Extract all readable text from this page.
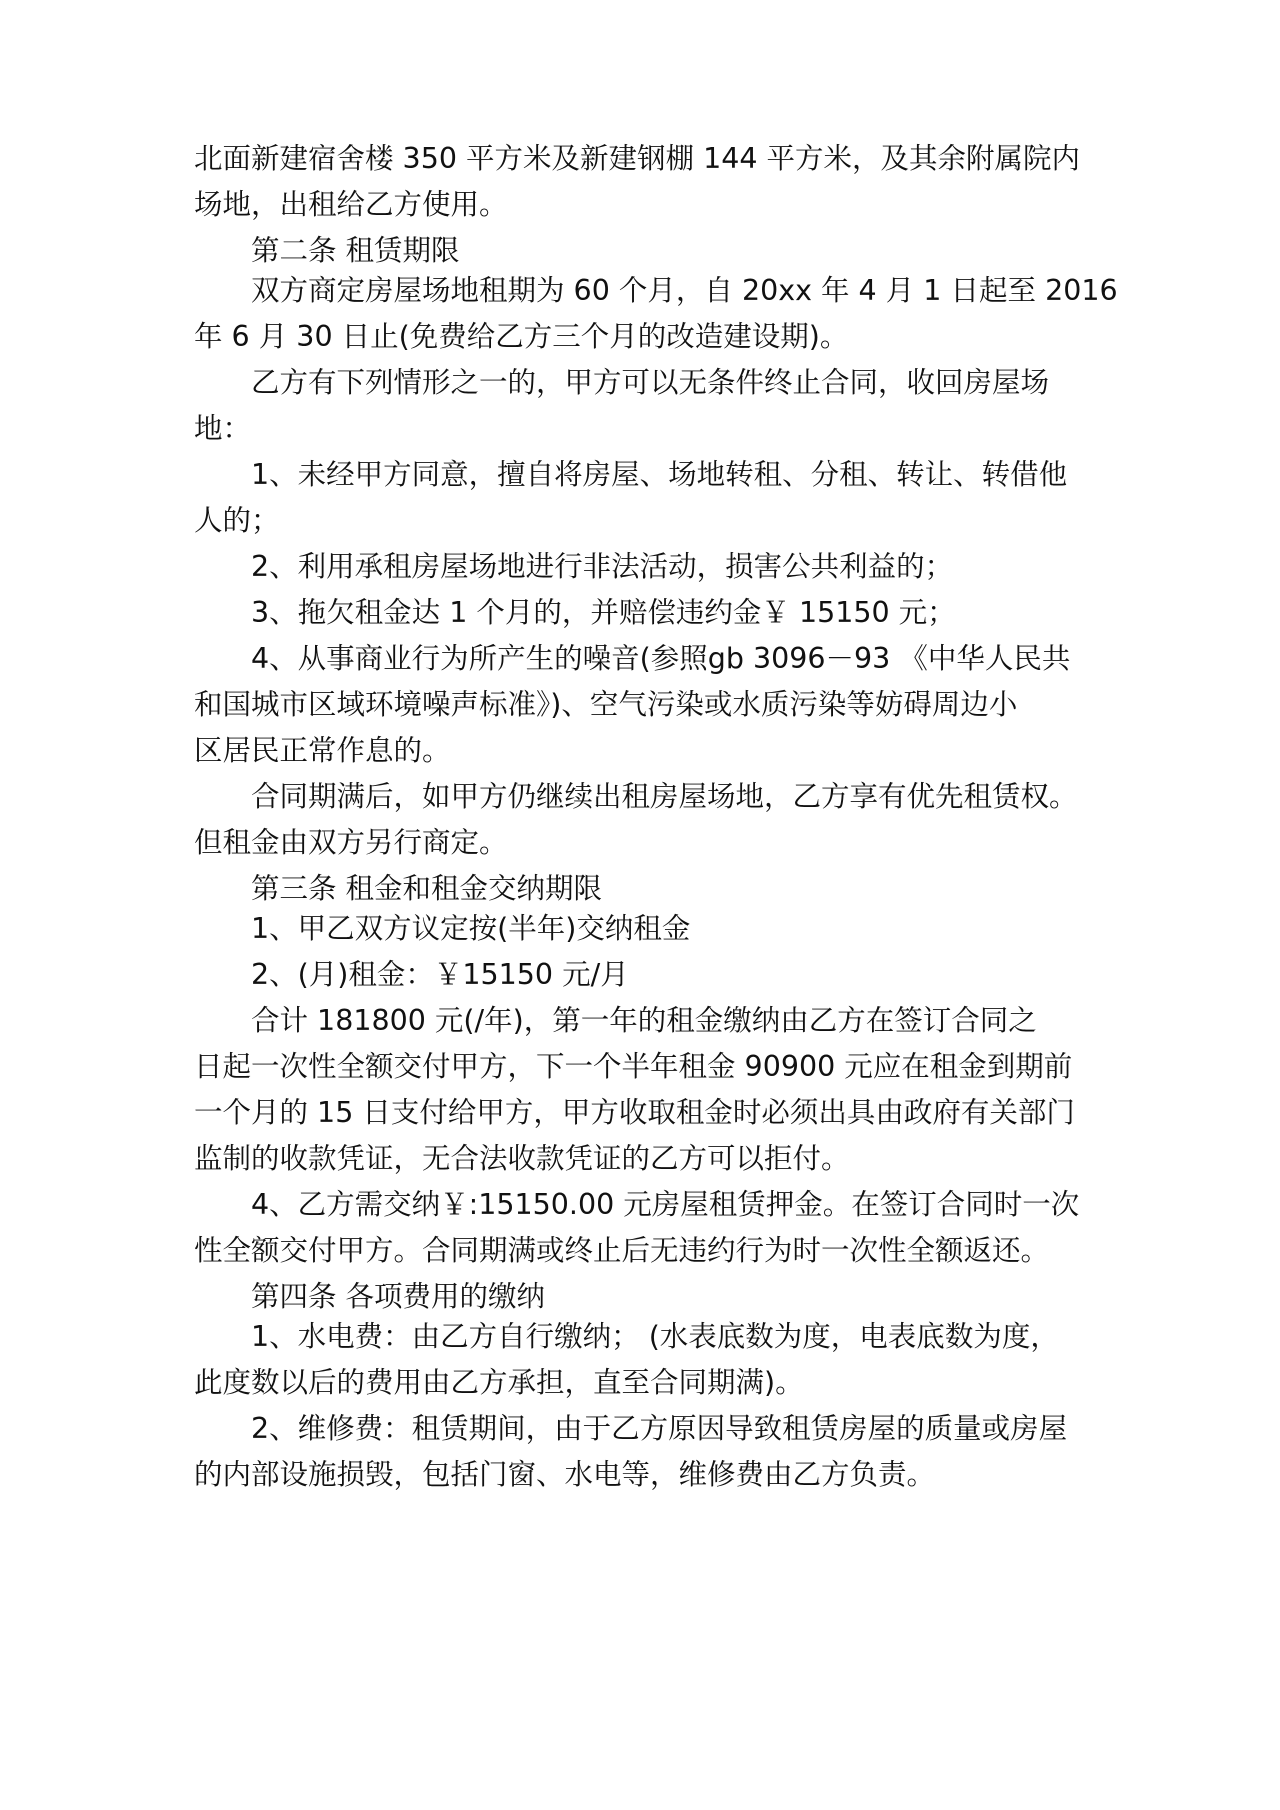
北面新建宿舍楼 350 平方米及新建钢棚 144 平方米，及其余附属院内
场地，出租给乙方使用。
第二条 租赁期限
双方商定房屋场地租期为 60 个月，自 20xx 年 4 月 1 日起至 2016
年 6 月 30 日止(免费给乙方三个月的改造建设期)。
乙方有下列情形之一的，甲方可以无条件终止合同，收回房屋场
地：
1、未经甲方同意，擅自将房屋、场地转租、分租、转让、转借他
人的；
2、利用承租房屋场地进行非法活动，损害公共利益的；
3、拖欠租金达 1 个月的，并赔偿违约金￥ 15150 元；
4、从事商业行为所产生的噪音(参照gb 3096－93 《中华人民共
和国城市区域环境噪声标准》)、空气污染或水质污染等妨碍周边小
区居民正常作息的。
合同期满后，如甲方仍继续出租房屋场地，乙方享有优先租赁权。
但租金由双方另行商定。
第三条 租金和租金交纳期限
1、甲乙双方议定按(半年)交纳租金
2、(月)租金：￥15150 元/月
合计 181800 元(/年)，第一年的租金缴纳由乙方在签订合同之
日起一次性全额交付甲方，下一个半年租金 90900 元应在租金到期前
一个月的 15 日支付给甲方，甲方收取租金时必须出具由政府有关部门
监制的收款凭证，无合法收款凭证的乙方可以拒付。
4、乙方需交纳￥:15150.00 元房屋租赁押金。在签订合同时一次
性全额交付甲方。合同期满或终止后无违约行为时一次性全额返还。
第四条 各项费用的缴纳
1、水电费：由乙方自行缴纳； (水表底数为度，电表底数为度，
此度数以后的费用由乙方承担，直至合同期满)。
2、维修费：租赁期间，由于乙方原因导致租赁房屋的质量或房屋
的内部设施损毁，包括门窗、水电等，维修费由乙方负责。
